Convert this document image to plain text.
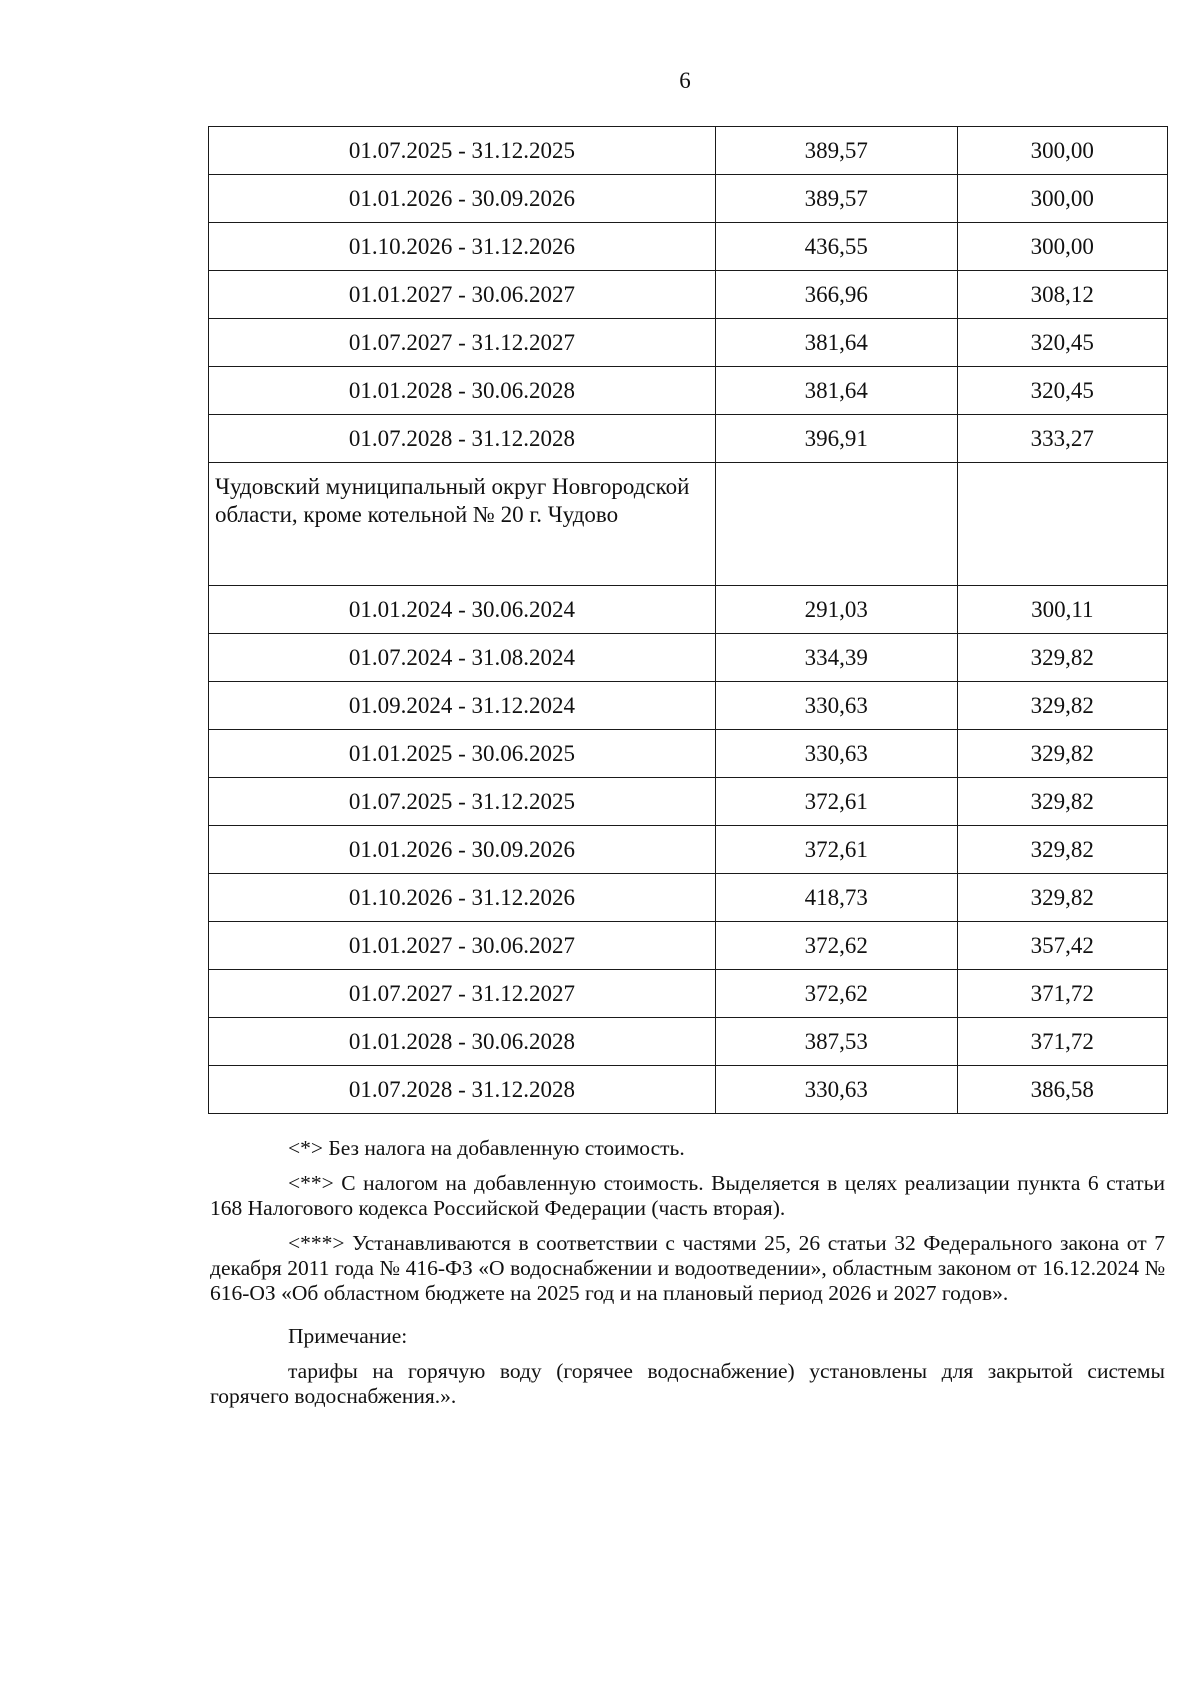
6
01.07.2025 - 31.12.2025	389,57	300,00
01.01.2026 - 30.09.2026	389,57	300,00
01.10.2026 - 31.12.2026	436,55	300,00
01.01.2027 - 30.06.2027	366,96	308,12
01.07.2027 - 31.12.2027	381,64	320,45
01.01.2028 - 30.06.2028	381,64	320,45
01.07.2028 - 31.12.2028	396,91	333,27
Чудовский муниципальный округ Новгородской области, кроме котельной № 20 г. Чудово		
01.01.2024 - 30.06.2024	291,03	300,11
01.07.2024 - 31.08.2024	334,39	329,82
01.09.2024 - 31.12.2024	330,63	329,82
01.01.2025 - 30.06.2025	330,63	329,82
01.07.2025 - 31.12.2025	372,61	329,82
01.01.2026 - 30.09.2026	372,61	329,82
01.10.2026 - 31.12.2026	418,73	329,82
01.01.2027 - 30.06.2027	372,62	357,42
01.07.2027 - 31.12.2027	372,62	371,72
01.01.2028 - 30.06.2028	387,53	371,72
01.07.2028 - 31.12.2028	330,63	386,58

<*> Без налога на добавленную стоимость.

<**> С налогом на добавленную стоимость. Выделяется в целях реализации пункта 6 статьи 168 Налогового кодекса Российской Федерации (часть вторая).

<***> Устанавливаются в соответствии с частями 25, 26 статьи 32 Федерального закона от 7 декабря 2011 года № 416-ФЗ «О водоснабжении и водоотведении», областным законом от 16.12.2024 № 616-ОЗ «Об областном бюджете на 2025 год и на плановый период 2026 и 2027 годов».

Примечание:

тарифы на горячую воду (горячее водоснабжение) установлены для закрытой системы горячего водоснабжения.».
